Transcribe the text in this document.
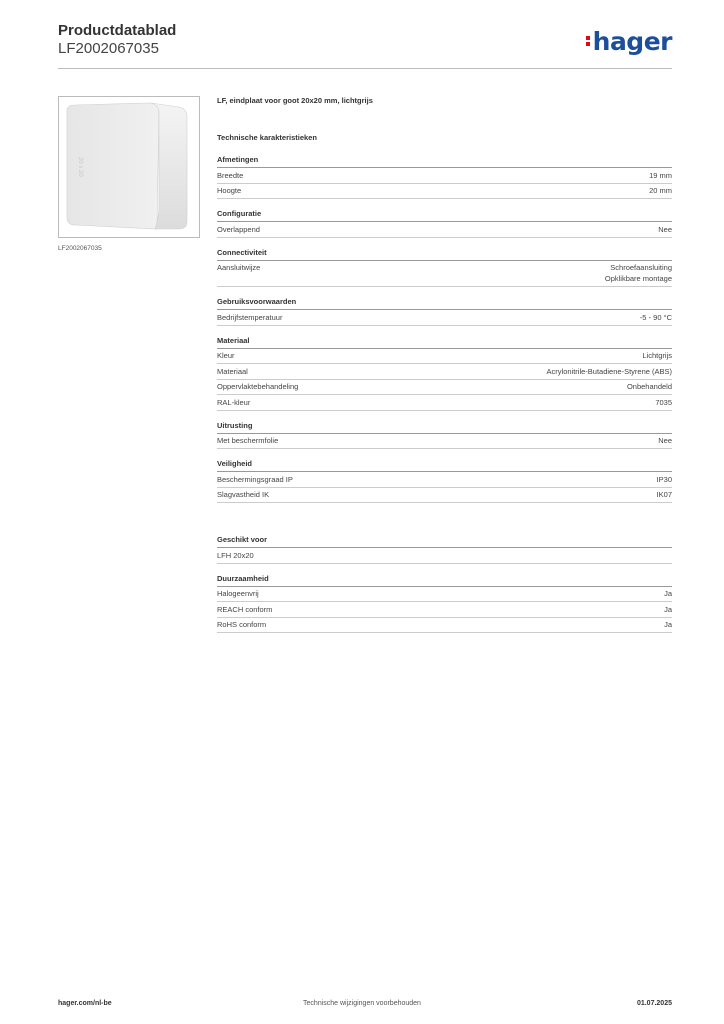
Productdatablad
LF2002067035	hager
20 x 20
LF2002067035
LF, eindplaat voor goot 20x20 mm, lichtgrijs
Technische karakteristieken
Afmetingen
Breedte	19 mm
Hoogte	20 mm
Configuratie
Overlappend	Nee
Connectiviteit
Aansluitwijze	Schroefaansluiting
Opklikbare montage
Gebruiksvoorwaarden
Bedrijfstemperatuur	-5 - 90 °C
Materiaal
Kleur	Lichtgrijs
Materiaal	Acrylonitrile-Butadiene-Styrene (ABS)
Oppervlaktebehandeling	Onbehandeld
RAL-kleur	7035
Uitrusting
Met beschermfolie	Nee
Veiligheid
Beschermingsgraad IP	IP30
Slagvastheid IK	IK07
Geschikt voor
LFH 20x20
Duurzaamheid
Halogeenvrij	Ja
REACH conform	Ja
RoHS conform	Ja
hager.com/nl-be	Technische wijzigingen voorbehouden	01.07.2025
